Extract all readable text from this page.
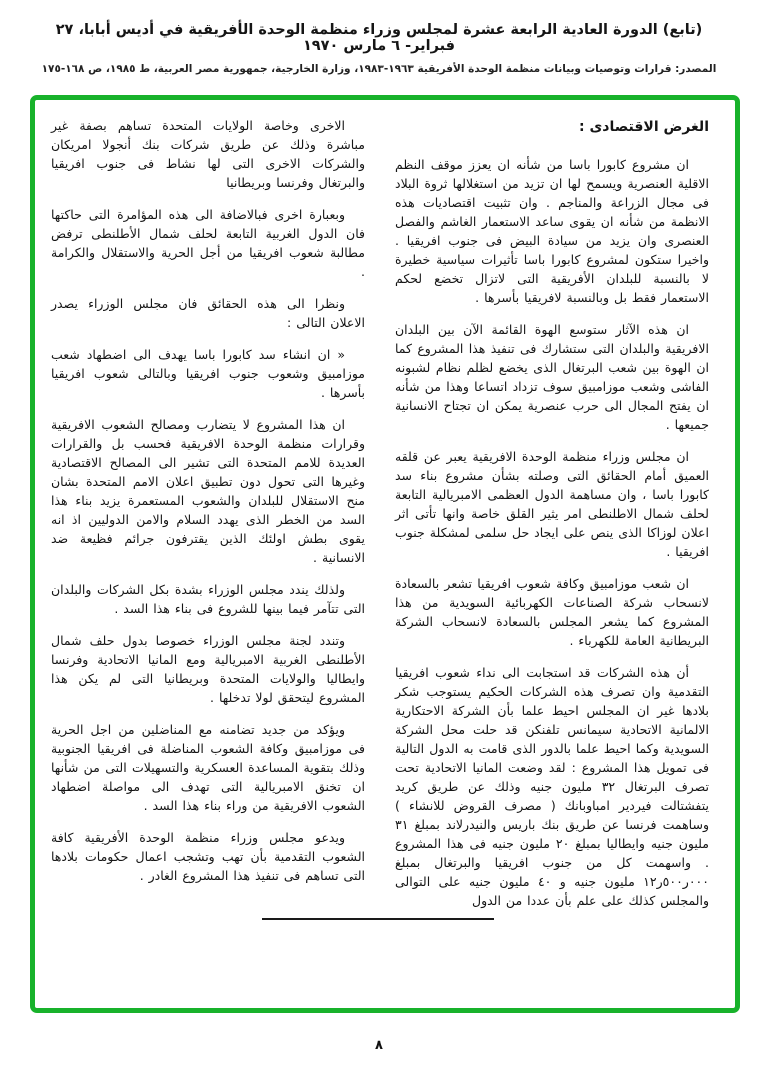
(تابع) الدورة العادية الرابعة عشرة لمجلس وزراء منظمة الوحدة الأفريقية في أديس أبابا، ٢٧ فبراير- ٦ مارس ١٩٧٠
المصدر: قرارات وتوصيات وبيانات منظمة الوحدة الأفريقية ١٩٦٣-١٩٨٣، وزارة الخارجية، جمهورية مصر العربية، ط ١٩٨٥، ص ١٦٨-١٧٥
الغرض الاقتصادى :

ان مشروع كابورا باسا من شأنه ان يعزز موقف النظم الاقلية العنصرية ويسمح لها ان تزيد من استغلالها ثروة البلاد فى مجال الزراعة والمناجم . وان تثبيت اقتصاديات هذه الانظمة من شأنه ان يقوى ساعد الاستعمار الغاشم والفصل العنصرى وان يزيد من سيادة البيض فى جنوب افريقيا . واخيرا ستكون لمشروع كابورا باسا تأثيرات سياسية خطيرة لا بالنسبة للبلدان الأفريقية التى لاتزال تخضع لحكم الاستعمار فقط بل وبالنسبة لافريقيا بأسرها .

ان هذه الآثار ستوسع الهوة القائمة الآن بين البلدان الافريقية والبلدان التى ستشارك فى تنفيذ هذا المشروع كما ان الهوة بين شعب البرتغال الذى يخضع لظلم نظام لشبونه الفاشى وشعب موزامبيق سوف تزداد اتساعا وهذا من شأنه ان يفتح المجال الى حرب عنصرية يمكن ان تجتاح الانسانية جميعها .

ان مجلس وزراء منظمة الوحدة الافريقية يعبر عن قلقه العميق أمام الحقائق التى وصلته بشأن مشروع بناء سد كابورا باسا ، وان مساهمة الدول العظمى الامبريالية التابعة لحلف شمال الاطلنطى امر يثير القلق خاصة وانها تأتى اثر اعلان لوزاكا الذى ينص على ايجاد حل سلمى لمشكلة جنوب افريقيا .

ان شعب موزامبيق وكافة شعوب افريقيا تشعر بالسعادة لانسحاب شركة الصناعات الكهربائية السويدية من هذا المشروع كما يشعر المجلس بالسعادة لانسحاب الشركة البريطانية العامة للكهرباء .

أن هذه الشركات قد استجابت الى نداء شعوب افريقيا التقدمية وان تصرف هذه الشركات الحكيم يستوجب شكر بلادها غير ان المجلس احيط علما بأن الشركة الاحتكارية الالمانية الاتحادية سيمانس تلفنكن قد حلت محل الشركة السويدية وكما احيط علما بالدور الذى قامت به الدول التالية فى تمويل هذا المشروع : لقد وضعت المانيا الاتحادية تحت تصرف البرتغال ٣٢ مليون جنيه وذلك عن طريق كريد يتفشتالت فيردير امباوبانك ( مصرف القروض للانشاء ) وساهمت فرنسا عن طريق بنك باريس والنيدرلاند بمبلغ ٣١ مليون جنيه وايطاليا بمبلغ ٢٠ مليون جنيه فى هذا المشروع . واسهمت كل من جنوب افريقيا والبرتغال بمبلغ ٠٠٠ر٥٠٠ر١٢ مليون جنيه و ٤٠ مليون جنيه على التوالى والمجلس كذلك على علم بأن عددا من الدول

الاخرى وخاصة الولايات المتحدة تساهم بصفة غير مباشرة وذلك عن طريق شركات بنك أنجولا امريكان والشركات الاخرى التى لها نشاط فى جنوب افريقيا والبرتغال وفرنسا وبريطانيا

وبعبارة اخرى فبالاضافة الى هذه المؤامرة التى حاكتها فان الدول الغربية التابعة لحلف شمال الأطلنطى ترفض مطالبة شعوب افريقيا من أجل الحرية والاستقلال والكرامة .

ونظرا الى هذه الحقائق فان مجلس الوزراء يصدر الاعلان التالى :

« ان انشاء سد كابورا باسا يهدف الى اضطهاد شعب موزامبيق وشعوب جنوب افريقيا وبالتالى شعوب افريقيا بأسرها .

ان هذا المشروع لا يتضارب ومصالح الشعوب الافريقية وقرارات منظمة الوحدة الافريقية فحسب بل والقرارات العديدة للامم المتحدة التى تشير الى المصالح الاقتصادية وغيرها التى تحول دون تطبيق اعلان الامم المتحدة بشان منح الاستقلال للبلدان والشعوب المستعمرة يزيد بناء هذا السد من الخطر الذى يهدد السلام والامن الدوليين اذ انه يقوى بطش اولئك الذين يقترفون جرائم فظيعة ضد الانسانية .

ولذلك يندد مجلس الوزراء بشدة بكل الشركات والبلدان التى تتآمر فيما بينها للشروع فى بناء هذا السد .

وتندد لجنة مجلس الوزراء خصوصا بدول حلف شمال الأطلنطى الغربية الامبريالية ومع المانيا الاتحادية وفرنسا وايطاليا والولايات المتحدة وبريطانيا التى لم يكن هذا المشروع ليتحقق لولا تدخلها .

ويؤكد من جديد تضامنه مع المناضلين من اجل الحرية فى موزامبيق وكافة الشعوب المناضلة فى افريقيا الجنوبية وذلك بتقوية المساعدة العسكرية والتسهيلات التى من شأنها ان تخنق الامبريالية التى تهدف الى مواصلة اضطهاد الشعوب الافريقية من وراء بناء هذا السد .

ويدعو مجلس وزراء منظمة الوحدة الأفريقية كافة الشعوب التقدمية بأن تهب وتشجب اعمال حكومات بلادها التى تساهم فى تنفيذ هذا المشروع الغادر .

٨
